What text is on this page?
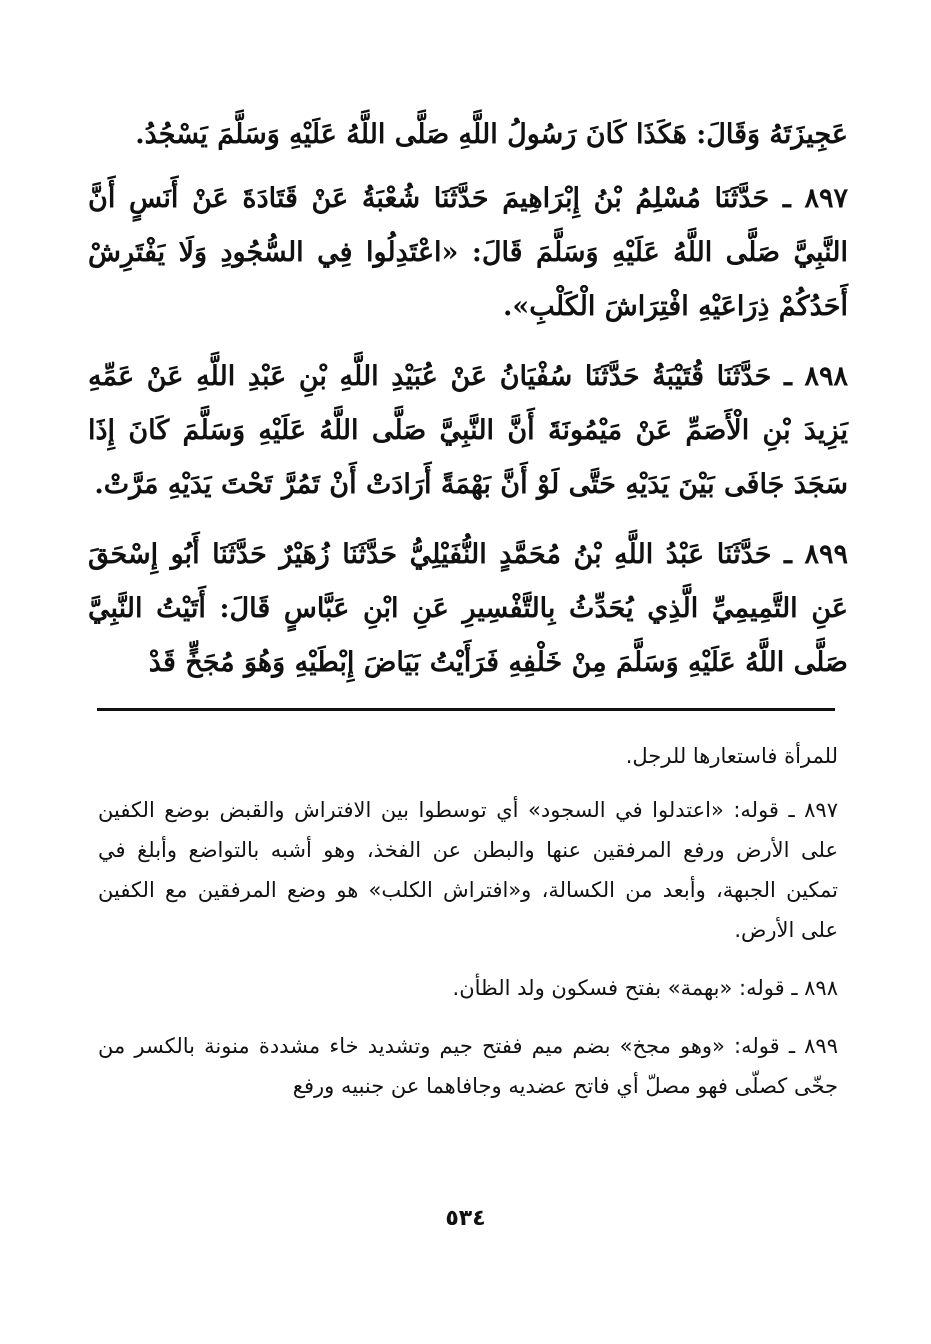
عَجِيزَتَهُ وَقَالَ: هَكَذَا كَانَ رَسُولُ اللَّهِ صَلَّى اللَّهُ عَلَيْهِ وَسَلَّمَ يَسْجُدُ.

٨٩٧ ـ حَدَّثَنَا مُسْلِمُ بْنُ إِبْرَاهِيمَ حَدَّثَنَا شُعْبَةُ عَنْ قَتَادَةَ عَنْ أَنَسٍ أَنَّ النَّبِيَّ صَلَّى اللَّهُ عَلَيْهِ وَسَلَّمَ قَالَ: «اعْتَدِلُوا فِي السُّجُودِ وَلَا يَفْتَرِشْ أَحَدُكُمْ ذِرَاعَيْهِ افْتِرَاشَ الْكَلْبِ».

٨٩٨ ـ حَدَّثَنَا قُتَيْبَةُ حَدَّثَنَا سُفْيَانُ عَنْ عُبَيْدِ اللَّهِ بْنِ عَبْدِ اللَّهِ عَنْ عَمِّهِ يَزِيدَ بْنِ الْأَصَمِّ عَنْ مَيْمُونَةَ أَنَّ النَّبِيَّ صَلَّى اللَّهُ عَلَيْهِ وَسَلَّمَ كَانَ إِذَا سَجَدَ جَافَى بَيْنَ يَدَيْهِ حَتَّى لَوْ أَنَّ بَهْمَةً أَرَادَتْ أَنْ تَمُرَّ تَحْتَ يَدَيْهِ مَرَّتْ.

٨٩٩ ـ حَدَّثَنَا عَبْدُ اللَّهِ بْنُ مُحَمَّدٍ النُّفَيْلِيُّ حَدَّثَنَا زُهَيْرٌ حَدَّثَنَا أَبُو إِسْحَقَ عَنِ التَّمِيمِيِّ الَّذِي يُحَدِّثُ بِالتَّفْسِيرِ عَنِ ابْنِ عَبَّاسٍ قَالَ: أَتَيْتُ النَّبِيَّ صَلَّى اللَّهُ عَلَيْهِ وَسَلَّمَ مِنْ خَلْفِهِ فَرَأَيْتُ بَيَاضَ إِبْطَيْهِ وَهُوَ مُجَخٍّ قَدْ

للمرأة فاستعارها للرجل.

٨٩٧ ـ قوله: «اعتدلوا في السجود» أي توسطوا بين الافتراش والقبض بوضع الكفين على الأرض ورفع المرفقين عنها والبطن عن الفخذ، وهو أشبه بالتواضع وأبلغ في تمكين الجبهة، وأبعد من الكسالة، و«افتراش الكلب» هو وضع المرفقين مع الكفين على الأرض.

٨٩٨ ـ قوله: «بهمة» بفتح فسكون ولد الظأن.

٨٩٩ ـ قوله: «وهو مجخ» بضم ميم ففتح جيم وتشديد خاء مشددة منونة بالكسر من جخّى كصلّى فهو مصلّ أي فاتح عضديه وجافاهما عن جنبيه ورفع

٥٣٤
